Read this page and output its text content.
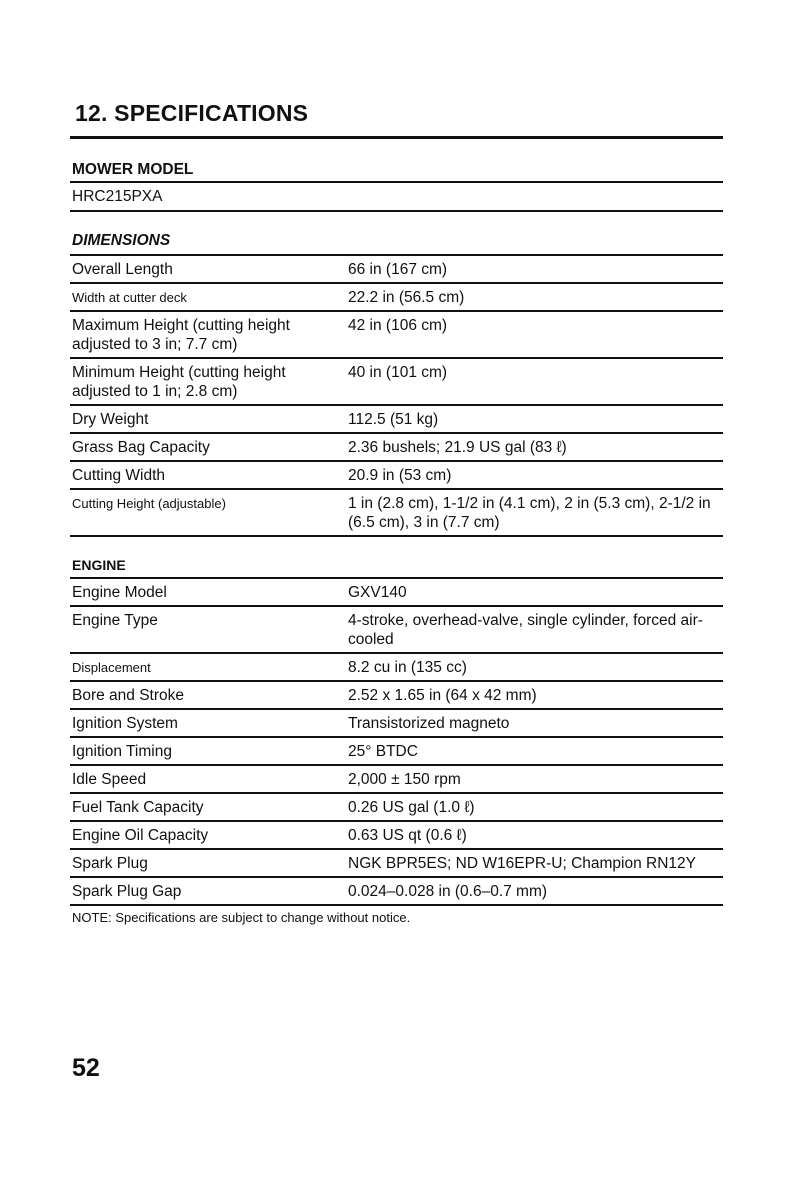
12. SPECIFICATIONS
MOWER MODEL
HRC215PXA
DIMENSIONS
Overall Length	66 in (167 cm)
Width at cutter deck	22.2 in (56.5 cm)
Maximum Height (cutting height adjusted to 3 in; 7.7 cm)	42 in (106 cm)
Minimum Height (cutting height adjusted to 1 in; 2.8 cm)	40 in (101 cm)
Dry Weight	112.5 (51 kg)
Grass Bag Capacity	2.36 bushels; 21.9 US gal (83 ℓ)
Cutting Width	20.9 in (53 cm)
Cutting Height (adjustable)	1 in (2.8 cm), 1-1/2 in (4.1 cm), 2 in (5.3 cm), 2-1/2 in (6.5 cm), 3 in (7.7 cm)
ENGINE
Engine Model	GXV140
Engine Type	4-stroke, overhead-valve, single cylinder, forced air-cooled
Displacement	8.2 cu in (135 cc)
Bore and Stroke	2.52 x 1.65 in (64 x 42 mm)
Ignition System	Transistorized magneto
Ignition Timing	25° BTDC
Idle Speed	2,000 ± 150 rpm
Fuel Tank Capacity	0.26 US gal (1.0 ℓ)
Engine Oil Capacity	0.63 US qt (0.6 ℓ)
Spark Plug	NGK BPR5ES; ND W16EPR-U; Champion RN12Y
Spark Plug Gap	0.024–0.028 in (0.6–0.7 mm)
NOTE: Specifications are subject to change without notice.
52
